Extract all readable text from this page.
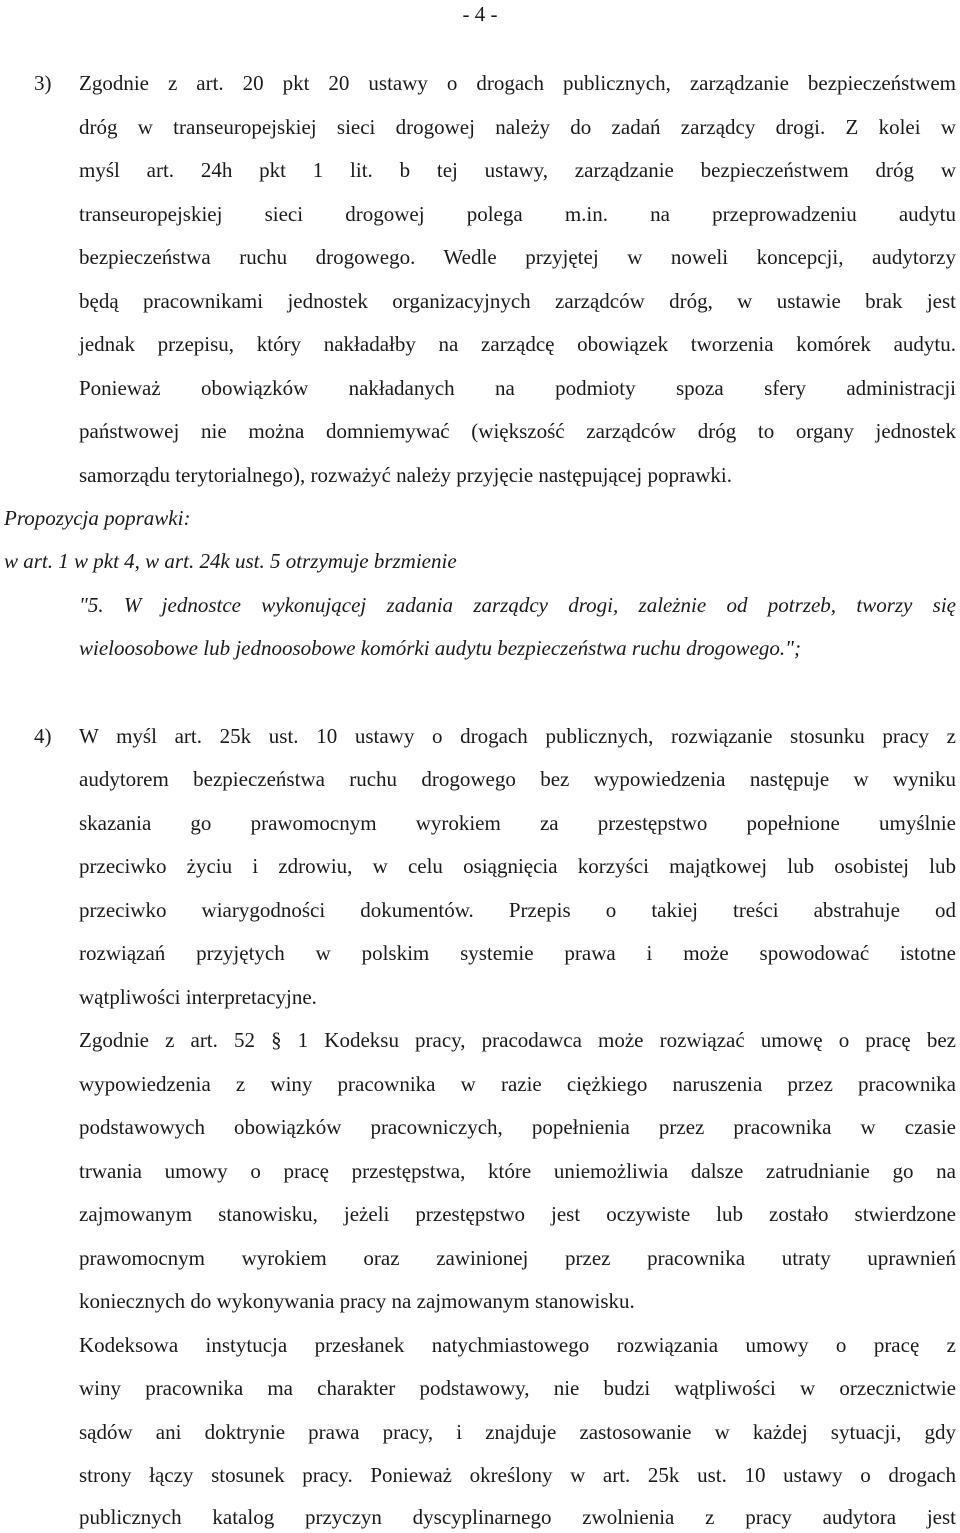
- 4 -
3) Zgodnie z art. 20 pkt 20 ustawy o drogach publicznych, zarządzanie bezpieczeństwem
dróg w transeuropejskiej sieci drogowej należy do zadań zarządcy drogi. Z kolei w
myśl art. 24h pkt 1 lit. b tej ustawy, zarządzanie bezpieczeństwem dróg w
transeuropejskiej sieci drogowej polega m.in. na przeprowadzeniu audytu
bezpieczeństwa ruchu drogowego. Wedle przyjętej w noweli koncepcji, audytorzy
będą pracownikami jednostek organizacyjnych zarządców dróg, w ustawie brak jest
jednak przepisu, który nakładałby na zarządcę obowiązek tworzenia komórek audytu.
Ponieważ obowiązków nakładanych na podmioty spoza sfery administracji
państwowej nie można domniemywać (większość zarządców dróg to organy jednostek
samorządu terytorialnego), rozważyć należy przyjęcie następującej poprawki.
Propozycja poprawki:
w art. 1 w pkt 4, w art. 24k ust. 5 otrzymuje brzmienie
"5. W jednostce wykonującej zadania zarządcy drogi, zależnie od potrzeb, tworzy się
wieloosobowe lub jednoosobowe komórki audytu bezpieczeństwa ruchu drogowego.";
4) W myśl art. 25k ust. 10 ustawy o drogach publicznych, rozwiązanie stosunku pracy z
audytorem bezpieczeństwa ruchu drogowego bez wypowiedzenia następuje w wyniku
skazania go prawomocnym wyrokiem za przestępstwo popełnione umyślnie
przeciwko życiu i zdrowiu, w celu osiągnięcia korzyści majątkowej lub osobistej lub
przeciwko wiarygodności dokumentów. Przepis o takiej treści abstrahuje od
rozwiązań przyjętych w polskim systemie prawa i może spowodować istotne
wątpliwości interpretacyjne.
Zgodnie z art. 52 § 1 Kodeksu pracy, pracodawca może rozwiązać umowę o pracę bez
wypowiedzenia z winy pracownika w razie ciężkiego naruszenia przez pracownika
podstawowych obowiązków pracowniczych, popełnienia przez pracownika w czasie
trwania umowy o pracę przestępstwa, które uniemożliwia dalsze zatrudnianie go na
zajmowanym stanowisku, jeżeli przestępstwo jest oczywiste lub zostało stwierdzone
prawomocnym wyrokiem oraz zawinionej przez pracownika utraty uprawnień
koniecznych do wykonywania pracy na zajmowanym stanowisku.
Kodeksowa instytucja przesłanek natychmiastowego rozwiązania umowy o pracę z
winy pracownika ma charakter podstawowy, nie budzi wątpliwości w orzecznictwie
sądów ani doktrynie prawa pracy, i znajduje zastosowanie w każdej sytuacji, gdy
strony łączy stosunek pracy. Ponieważ określony w art. 25k ust. 10 ustawy o drogach
publicznych katalog przyczyn dyscyplinarnego zwolnienia z pracy audytora jest
